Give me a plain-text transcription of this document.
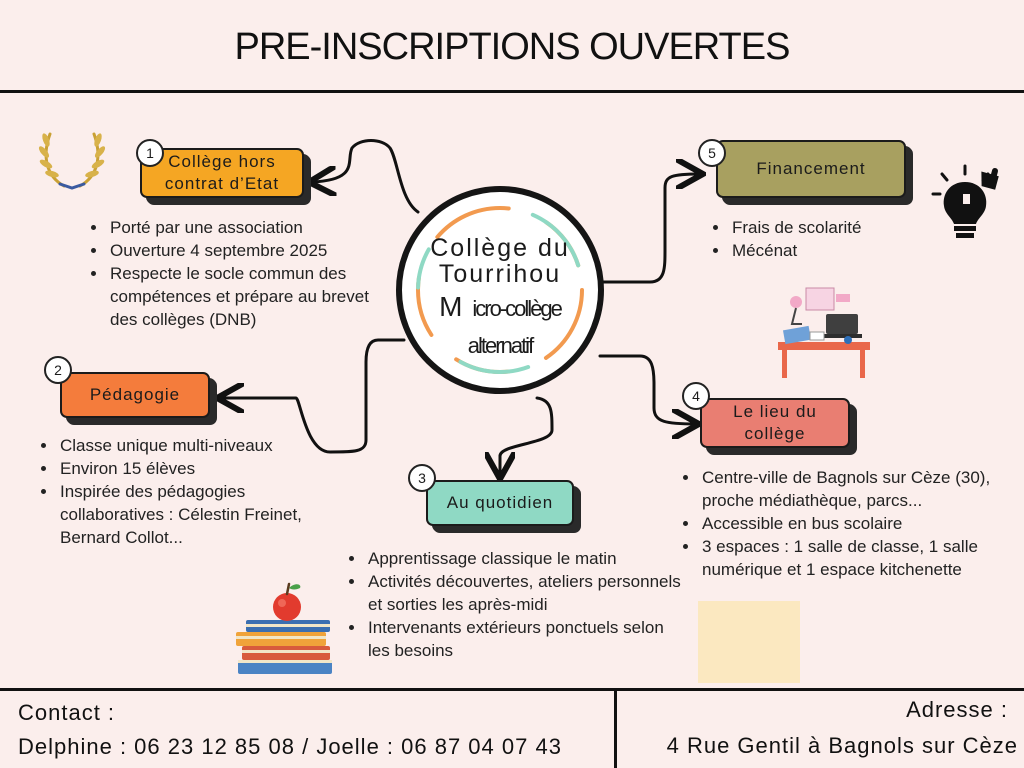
PRE-INSCRIPTIONS OUVERTES
Collège du
Tourrihou
M icro-collège
alternatif
Collège hors
contrat d’Etat
1
• Porté par une association
• Ouverture 4 septembre 2025
• Respecte le socle commun des compétences et prépare au brevet des collèges (DNB)
Pédagogie
2
• Classe unique multi-niveaux
• Environ 15 élèves
• Inspirée des pédagogies collaboratives : Célestin Freinet, Bernard Collot...
Au quotidien
3
• Apprentissage classique le matin
• Activités découvertes, ateliers personnels et sorties les après-midi
• Intervenants extérieurs ponctuels selon les besoins
Le lieu du
collège
4
• Centre-ville de Bagnols sur Cèze (30), proche médiathèque, parcs...
• Accessible en bus scolaire
• 3 espaces : 1 salle de classe, 1 salle numérique et 1 espace kitchenette
Financement
5
• Frais de scolarité
• Mécénat
Contact :
Delphine : 06 23 12 85 08 / Joelle : 06 87 04 07 43
Adresse :
4 Rue Gentil à Bagnols sur Cèze
